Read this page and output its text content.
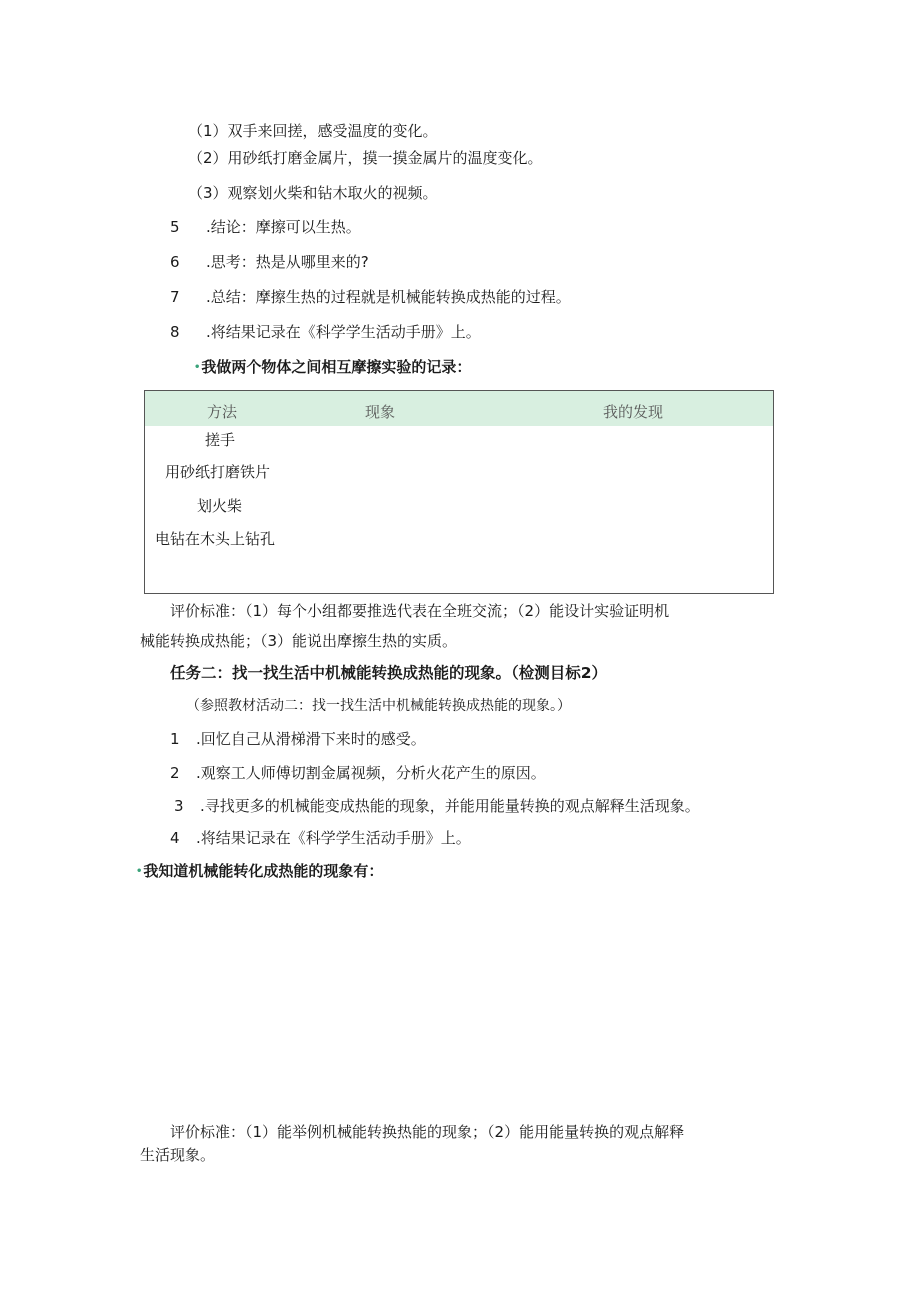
（1）双手来回搓，感受温度的变化。
（2）用砂纸打磨金属片，摸一摸金属片的温度变化。
（3）观察划火柴和钻木取火的视频。
5 .结论：摩擦可以生热。
6 .思考：热是从哪里来的?
7 .总结：摩擦生热的过程就是机械能转换成热能的过程。
8 .将结果记录在《科学学生活动手册》上。
•我做两个物体之间相互摩擦实验的记录：
方法	现象	我的发现
搓手
用砂纸打磨铁片
划火柴
电钻在木头上钻孔
评价标准：（1）每个小组都要推选代表在全班交流；（2）能设计实验证明机
械能转换成热能；（3）能说出摩擦生热的实质。
任务二：找一找生活中机械能转换成热能的现象。（检测目标2）
（参照教材活动二：找一找生活中机械能转换成热能的现象。）
1 .回忆自己从滑梯滑下来时的感受。
2 .观察工人师傅切割金属视频，分析火花产生的原因。
3 .寻找更多的机械能变成热能的现象，并能用能量转换的观点解释生活现象。
4 .将结果记录在《科学学生活动手册》上。
•我知道机械能转化成热能的现象有：
评价标准：（1）能举例机械能转换热能的现象；（2）能用能量转换的观点解释
生活现象。
